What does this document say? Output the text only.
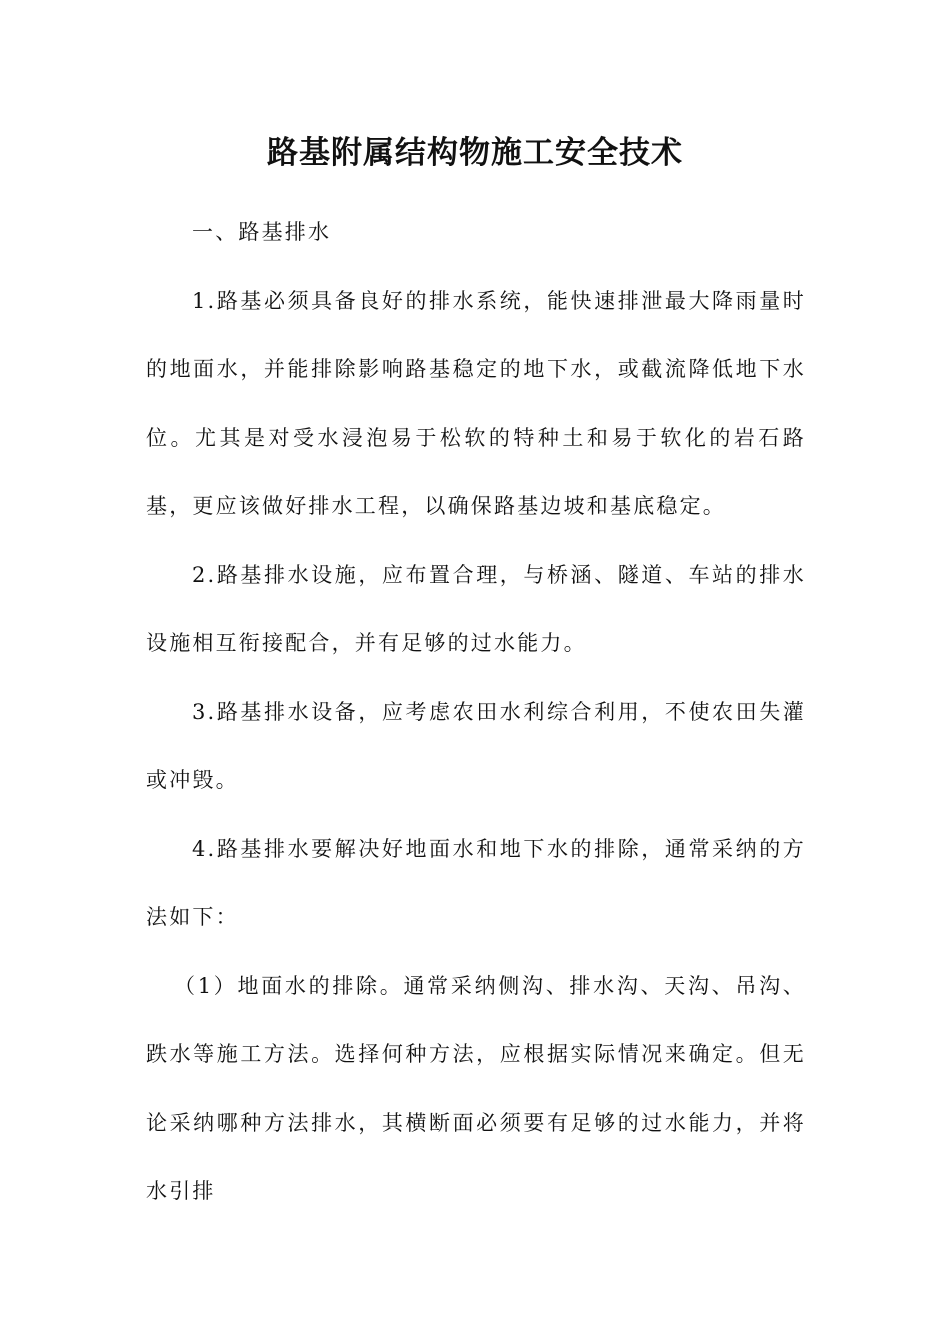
路基附属结构物施工安全技术

一、路基排水

1.路基必须具备良好的排水系统，能快速排泄最大降雨量时的地面水，并能排除影响路基稳定的地下水，或截流降低地下水位。尤其是对受水浸泡易于松软的特种土和易于软化的岩石路基，更应该做好排水工程，以确保路基边坡和基底稳定。

2.路基排水设施，应布置合理，与桥涵、隧道、车站的排水设施相互衔接配合，并有足够的过水能力。

3.路基排水设备，应考虑农田水利综合利用，不使农田失灌或冲毁。

4.路基排水要解决好地面水和地下水的排除，通常采纳的方法如下：

（1）地面水的排除。通常采纳侧沟、排水沟、天沟、吊沟、跌水等施工方法。选择何种方法，应根据实际情况来确定。但无论采纳哪种方法排水，其横断面必须要有足够的过水能力，并将水引排
